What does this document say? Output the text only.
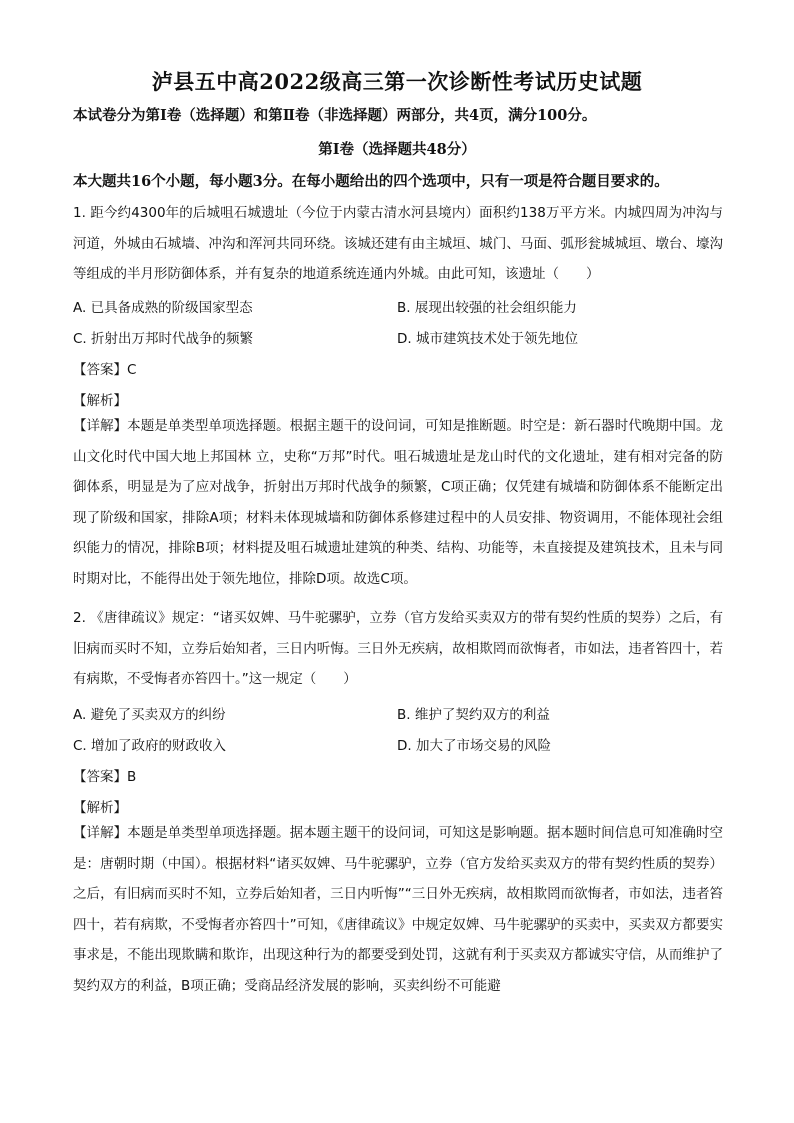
泸县五中高2022级高三第一次诊断性考试历史试题
本试卷分为第Ⅰ卷（选择题）和第Ⅱ卷（非选择题）两部分，共4页，满分100分。
第Ⅰ卷（选择题共48分）
本大题共16个小题，每小题3分。在每小题给出的四个选项中，只有一项是符合题目要求的。
1. 距今约4300年的后城咀石城遗址（今位于内蒙古清水河县境内）面积约138万平方米。内城四周为冲沟与河道，外城由石城墙、冲沟和浑河共同环绕。该城还建有由主城垣、城门、马面、弧形瓮城城垣、墩台、壕沟等组成的半月形防御体系，并有复杂的地道系统连通内外城。由此可知，该遗址（　　）
A. 已具备成熟的阶级国家型态	B. 展现出较强的社会组织能力
C. 折射出万邦时代战争的频繁	D. 城市建筑技术处于领先地位
【答案】C
【解析】
【详解】本题是单类型单项选择题。根据主题干的设问词，可知是推断题。时空是：新石器时代晚期中国。龙山文化时代中国大地上邦国林 立，史称“万邦”时代。咀石城遗址是龙山时代的文化遗址，建有相对完备的防御体系，明显是为了应对战争，折射出万邦时代战争的频繁，C项正确；仅凭建有城墙和防御体系不能断定出现了阶级和国家，排除A项；材料未体现城墙和防御体系修建过程中的人员安排、物资调用，不能体现社会组织能力的情况，排除B项；材料提及咀石城遗址建筑的种类、结构、功能等，未直接提及建筑技术，且未与同时期对比，不能得出处于领先地位，排除D项。故选C项。
2. 《唐律疏议》规定：“诸买奴婢、马牛驼骡驴，立券（官方发给买卖双方的带有契约性质的契券）之后，有旧病而买时不知，立券后始知者，三日内听悔。三日外无疾病，故相欺罔而欲悔者，市如法，违者笞四十，若有病欺，不受悔者亦笞四十。”这一规定（　　）
A. 避免了买卖双方的纠纷	B. 维护了契约双方的利益
C. 增加了政府的财政收入	D. 加大了市场交易的风险
【答案】B
【解析】
【详解】本题是单类型单项选择题。据本题主题干的设问词，可知这是影响题。据本题时间信息可知准确时空是：唐朝时期（中国）。根据材料“诸买奴婢、马牛驼骡驴，立券（官方发给买卖双方的带有契约性质的契券）之后，有旧病而买时不知，立券后始知者，三日内听悔”“三日外无疾病，故相欺罔而欲悔者，市如法，违者笞四十，若有病欺，不受悔者亦笞四十”可知，《唐律疏议》中规定奴婢、马牛驼骡驴的买卖中，买卖双方都要实事求是，不能出现欺瞒和欺诈，出现这种行为的都要受到处罚，这就有利于买卖双方都诚实守信，从而维护了契约双方的利益，B项正确；受商品经济发展的影响，买卖纠纷不可能避
